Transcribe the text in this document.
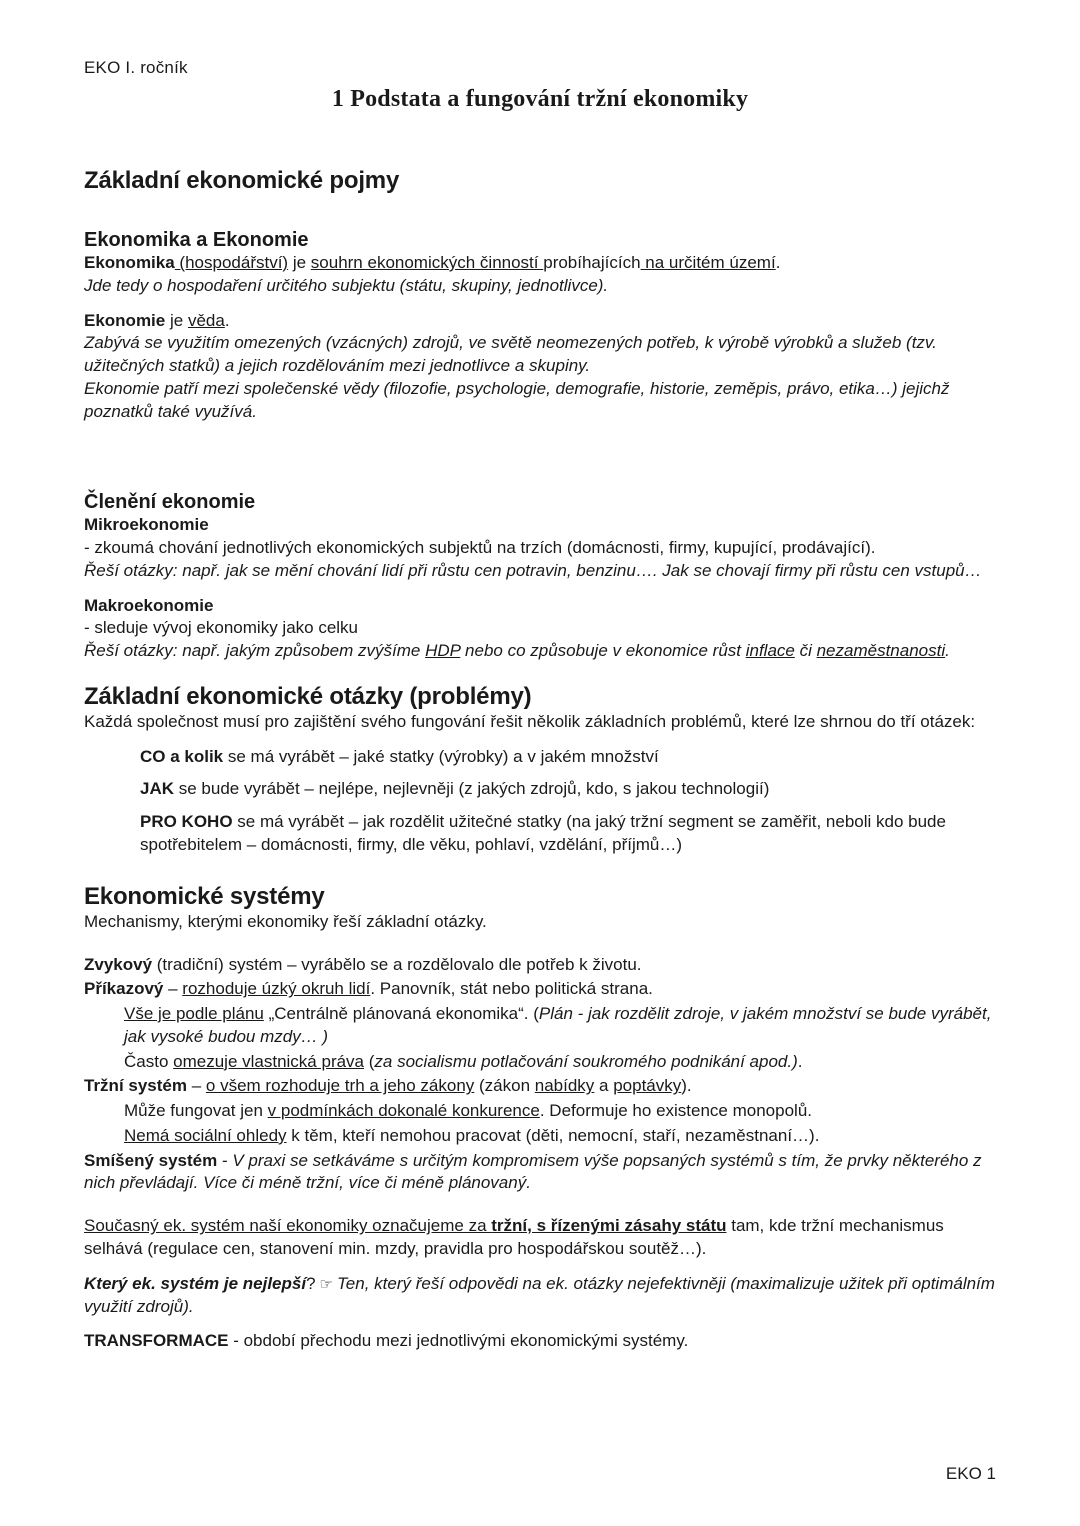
EKO I. ročník
1 Podstata a fungování tržní ekonomiky
Základní ekonomické pojmy
Ekonomika a Ekonomie

Ekonomika (hospodářství) je souhrn ekonomických činností probíhajících na určitém území.

Jde tedy o hospodaření určitého subjektu (státu, skupiny, jednotlivce).

Ekonomie je věda.

Zabývá se využitím omezených (vzácných) zdrojů, ve světě neomezených potřeb, k výrobě výrobků a služeb (tzv. užitečných statků) a jejich rozdělováním mezi jednotlivce a skupiny.

Ekonomie patří mezi společenské vědy (filozofie, psychologie, demografie, historie, zeměpis, právo, etika…) jejichž poznatků také využívá.

Členění ekonomie

Mikroekonomie

- zkoumá chování jednotlivých ekonomických subjektů na trzích (domácnosti, firmy, kupující, prodávající).

Řeší otázky: např. jak se mění chování lidí při růstu cen potravin, benzinu…. Jak se chovají firmy při růstu cen vstupů…

Makroekonomie

- sleduje vývoj ekonomiky jako celku

Řeší otázky: např. jakým způsobem zvýšíme HDP nebo co způsobuje v ekonomice růst inflace či nezaměstnanosti.

Základní ekonomické otázky (problémy)

Každá společnost musí pro zajištění svého fungování řešit několik základních problémů, které lze shrnou do tří otázek:

CO a kolik se má vyrábět – jaké statky (výrobky) a v jakém množství

JAK se bude vyrábět – nejlépe, nejlevněji (z jakých zdrojů, kdo, s jakou technologií)

PRO KOHO se má vyrábět – jak rozdělit užitečné statky (na jaký tržní segment se zaměřit, neboli kdo bude spotřebitelem – domácnosti, firmy, dle věku, pohlaví, vzdělání, příjmů…)

Ekonomické systémy

Mechanismy, kterými ekonomiky řeší základní otázky.

Zvykový (tradiční) systém – vyrábělo se a rozdělovalo dle potřeb k životu.

Příkazový – rozhoduje úzký okruh lidí. Panovník, stát nebo politická strana.

Vše je podle plánu „Centrálně plánovaná ekonomika“. (Plán - jak rozdělit zdroje, v jakém množství se bude vyrábět, jak vysoké budou mzdy… )

Často omezuje vlastnická práva (za socialismu potlačování soukromého podnikání apod.).

Tržní systém – o všem rozhoduje trh a jeho zákony (zákon nabídky a poptávky).

Může fungovat jen v podmínkách dokonalé konkurence. Deformuje ho existence monopolů.

Nemá sociální ohledy k těm, kteří nemohou pracovat (děti, nemocní, staří, nezaměstnaní…).

Smíšený systém - V praxi se setkáváme s určitým kompromisem výše popsaných systémů s tím, že prvky některého z nich převládají. Více či méně tržní, více či méně plánovaný.

Současný ek. systém naší ekonomiky označujeme za tržní, s řízenými zásahy státu tam, kde tržní mechanismus selhává (regulace cen, stanovení min. mzdy, pravidla pro hospodářskou soutěž…).

Který ek. systém je nejlepší? ☞ Ten, který řeší odpovědi na ek. otázky nejefektivněji (maximalizuje užitek při optimálním využití zdrojů).

TRANSFORMACE - období přechodu mezi jednotlivými ekonomickými systémy.

EKO 1
